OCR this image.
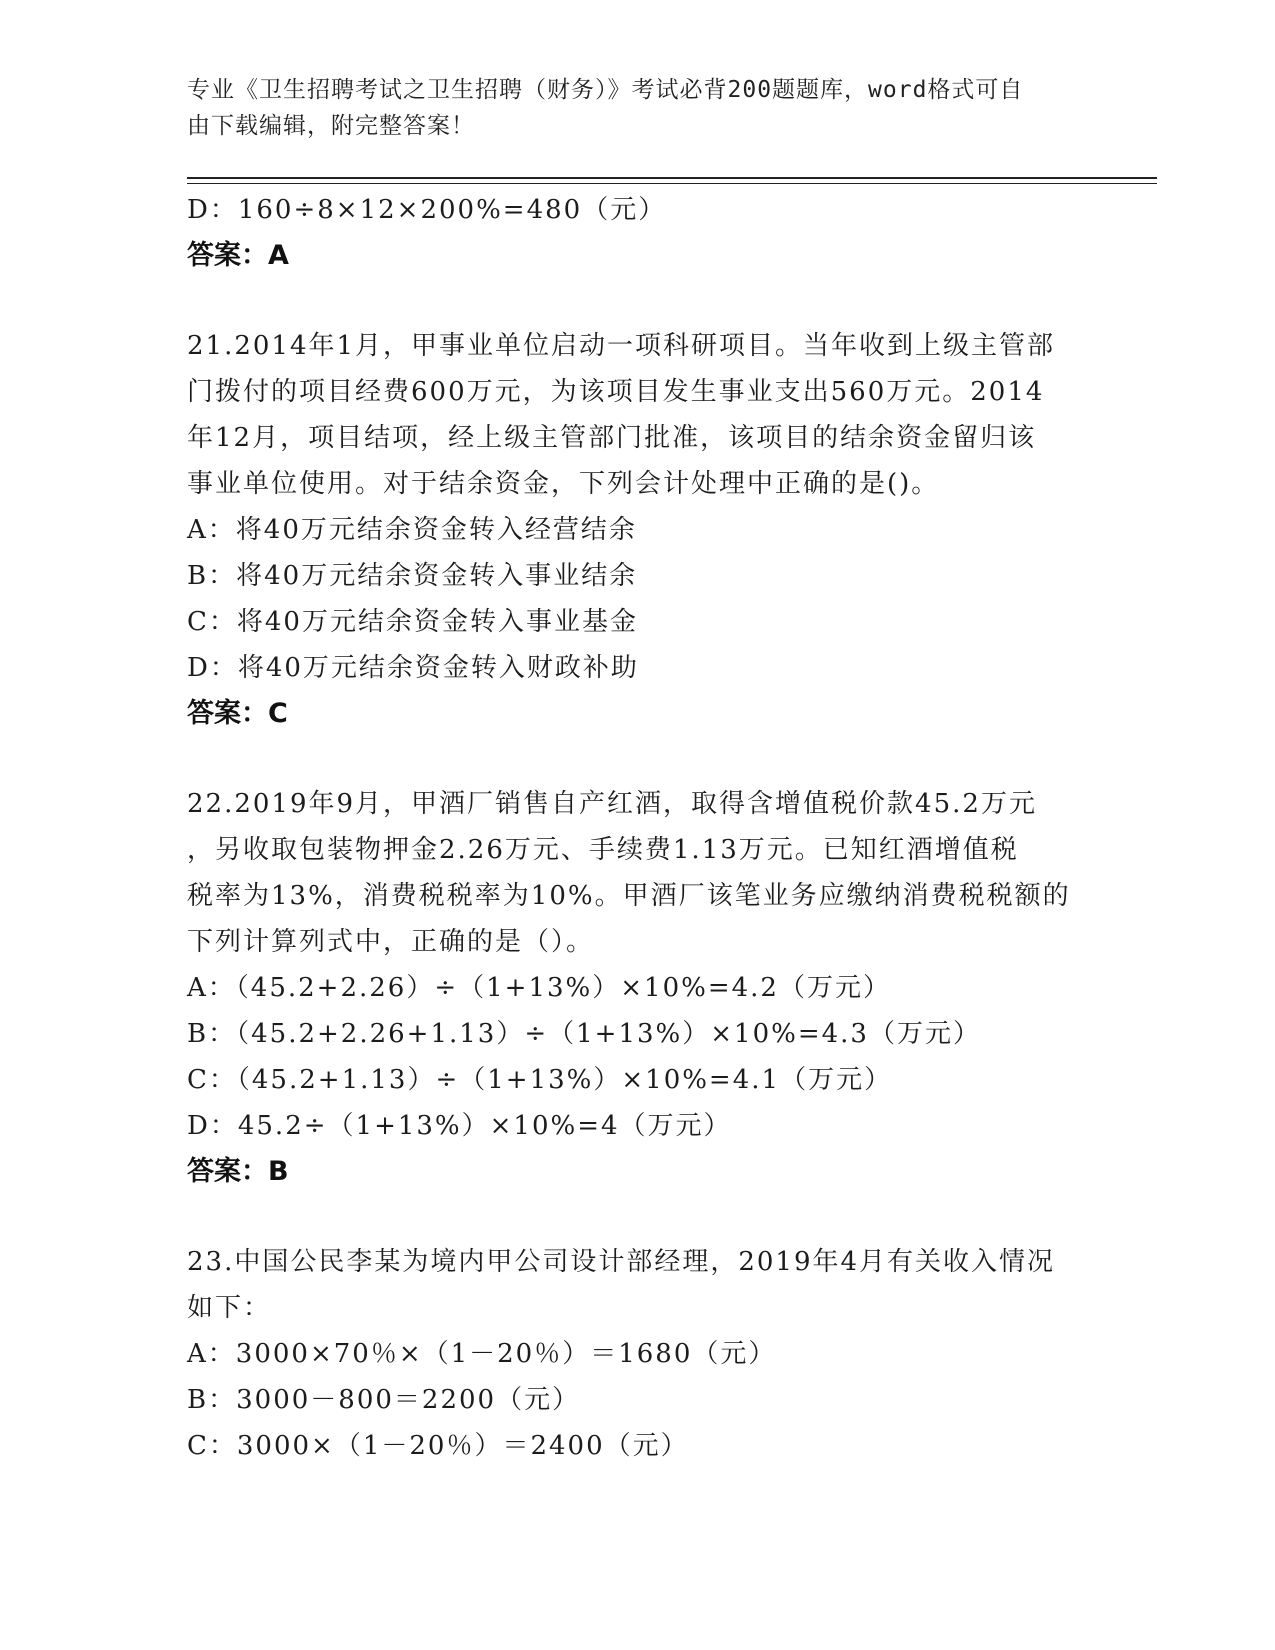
专业《卫生招聘考试之卫生招聘（财务）》考试必背200题题库，word格式可自
由下载编辑，附完整答案！
D：160÷8×12×200%=480（元）
答案：A
21.2014年1月，甲事业单位启动一项科研项目。当年收到上级主管部
门拨付的项目经费600万元，为该项目发生事业支出560万元。2014
年12月，项目结项，经上级主管部门批准，该项目的结余资金留归该
事业单位使用。对于结余资金，下列会计处理中正确的是()。
A：将40万元结余资金转入经营结余
B：将40万元结余资金转入事业结余
C：将40万元结余资金转入事业基金
D：将40万元结余资金转入财政补助
答案：C
22.2019年9月，甲酒厂销售自产红酒，取得含增值税价款45.2万元
，另收取包装物押金2.26万元、手续费1.13万元。已知红酒增值税
税率为13%，消费税税率为10%。甲酒厂该笔业务应缴纳消费税税额的
下列计算列式中，正确的是（）。
A：（45.2+2.26）÷（1+13%）×10%=4.2（万元）
B：（45.2+2.26+1.13）÷（1+13%）×10%=4.3（万元）
C：（45.2+1.13）÷（1+13%）×10%=4.1（万元）
D：45.2÷（1+13%）×10%=4（万元）
答案：B
23.中国公民李某为境内甲公司设计部经理，2019年4月有关收入情况
如下：
A：3000×70％×（1－20％）＝1680（元）
B：3000－800＝2200（元）
C：3000×（1－20％）＝2400（元）
